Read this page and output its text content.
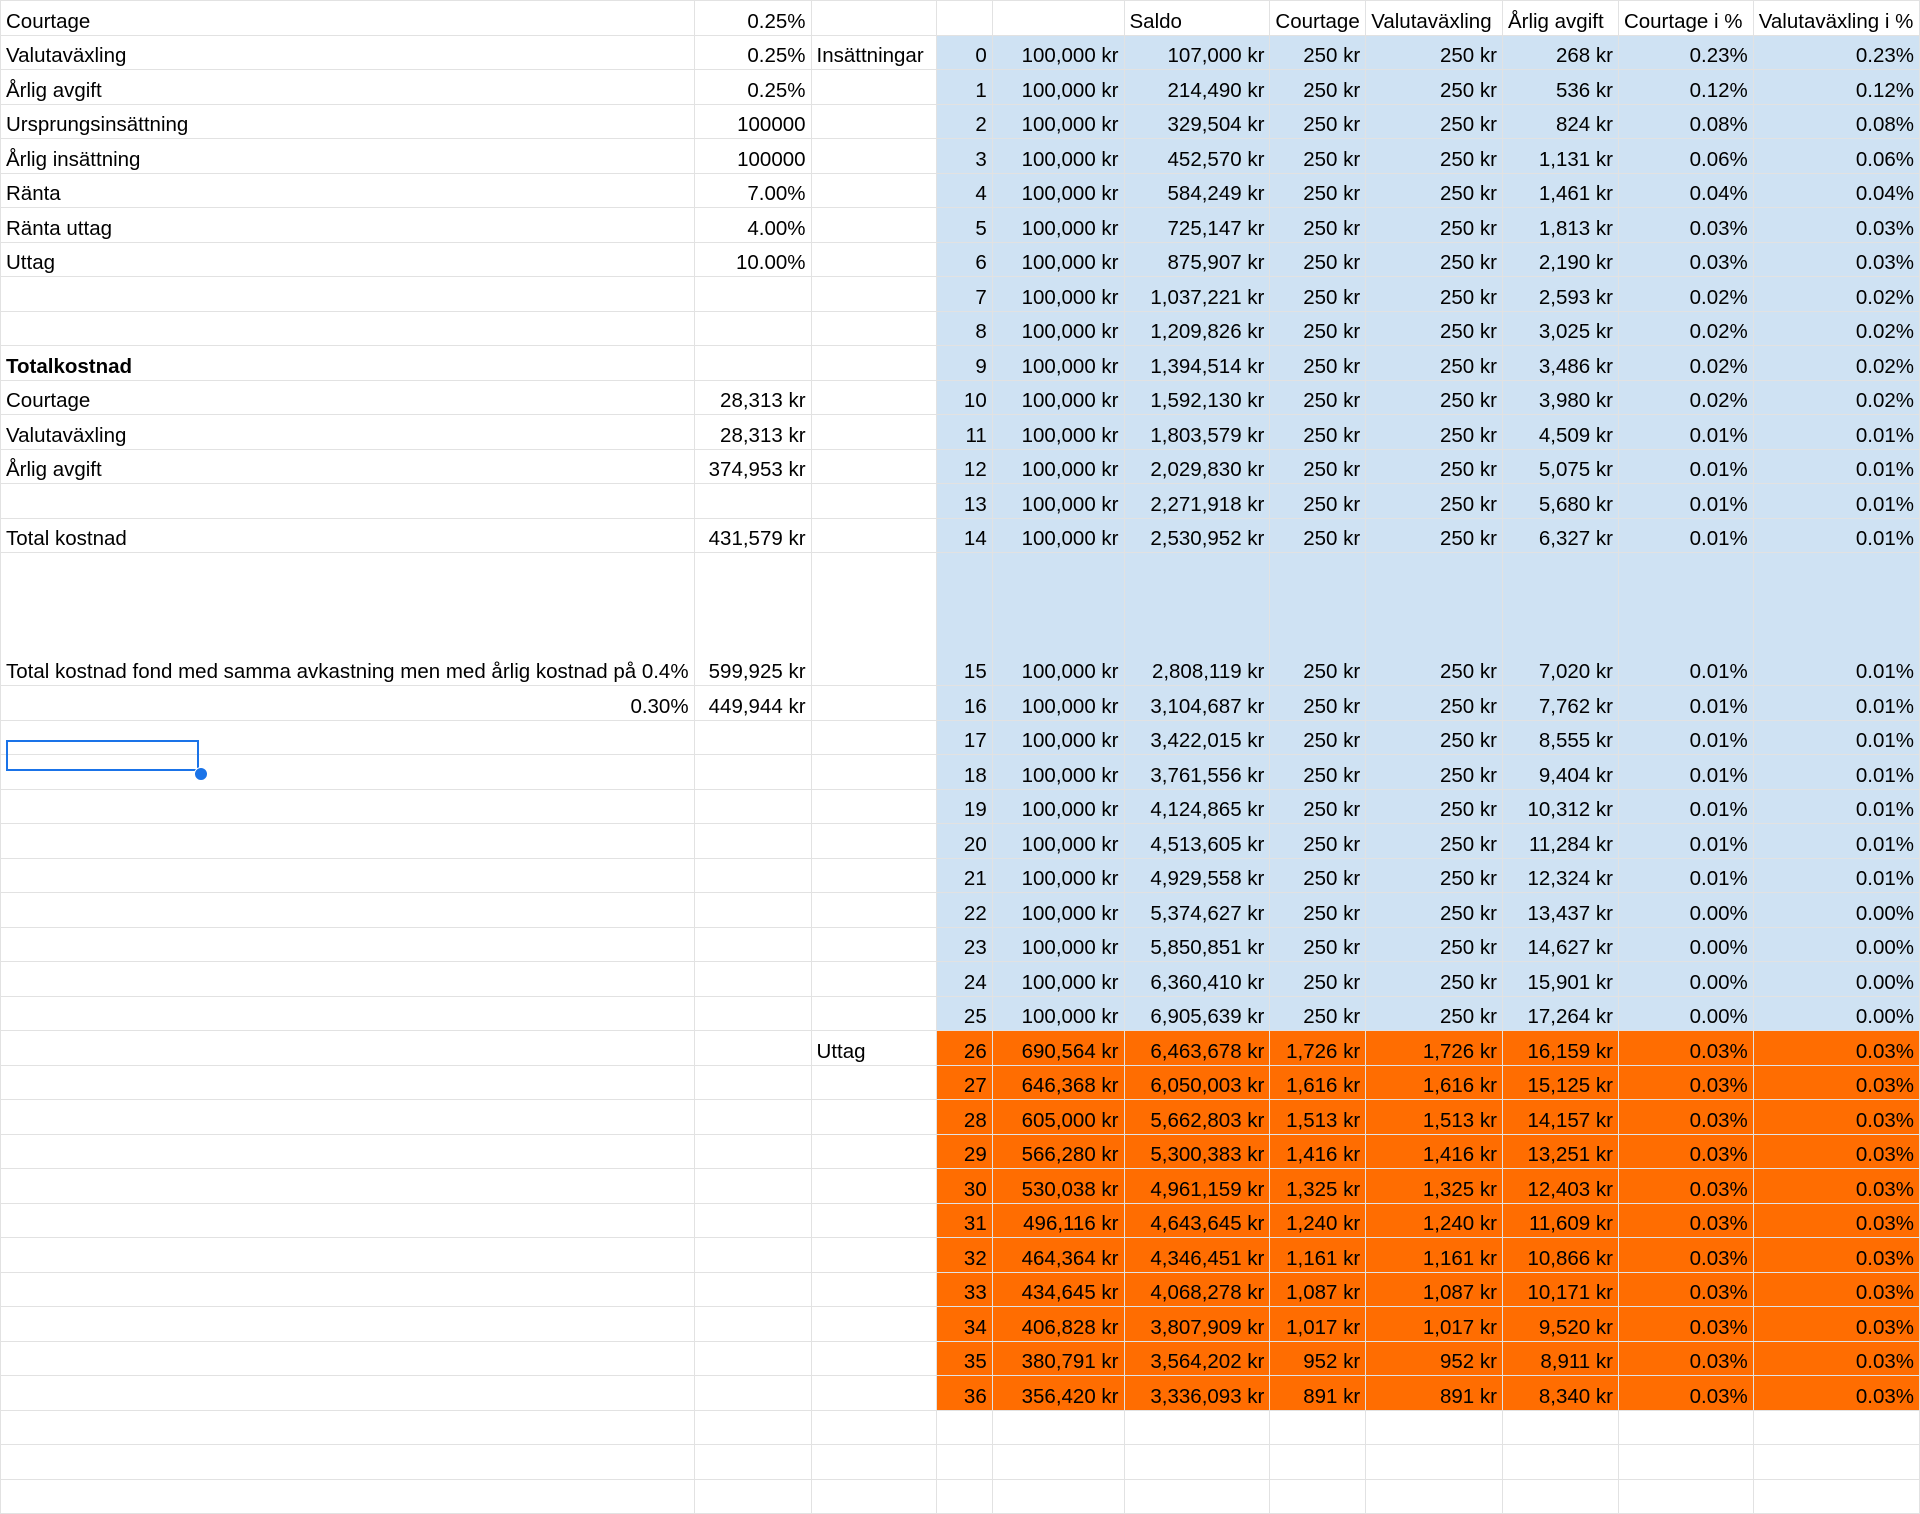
Courtage	0.25%				Saldo	Courtage	Valutaväxling	Årlig avgift	Courtage i %	Valutaväxling i %
Valutaväxling	0.25%	Insättningar	0	100,000 kr	107,000 kr	250 kr	250 kr	268 kr	0.23%	0.23%
Årlig avgift	0.25%		1	100,000 kr	214,490 kr	250 kr	250 kr	536 kr	0.12%	0.12%
Ursprungsinsättning	100000		2	100,000 kr	329,504 kr	250 kr	250 kr	824 kr	0.08%	0.08%
Årlig insättning	100000		3	100,000 kr	452,570 kr	250 kr	250 kr	1,131 kr	0.06%	0.06%
Ränta	7.00%		4	100,000 kr	584,249 kr	250 kr	250 kr	1,461 kr	0.04%	0.04%
Ränta uttag	4.00%		5	100,000 kr	725,147 kr	250 kr	250 kr	1,813 kr	0.03%	0.03%
Uttag	10.00%		6	100,000 kr	875,907 kr	250 kr	250 kr	2,190 kr	0.03%	0.03%
			7	100,000 kr	1,037,221 kr	250 kr	250 kr	2,593 kr	0.02%	0.02%
			8	100,000 kr	1,209,826 kr	250 kr	250 kr	3,025 kr	0.02%	0.02%
Totalkostnad			9	100,000 kr	1,394,514 kr	250 kr	250 kr	3,486 kr	0.02%	0.02%
Courtage	28,313 kr		10	100,000 kr	1,592,130 kr	250 kr	250 kr	3,980 kr	0.02%	0.02%
Valutaväxling	28,313 kr		11	100,000 kr	1,803,579 kr	250 kr	250 kr	4,509 kr	0.01%	0.01%
Årlig avgift	374,953 kr		12	100,000 kr	2,029,830 kr	250 kr	250 kr	5,075 kr	0.01%	0.01%
			13	100,000 kr	2,271,918 kr	250 kr	250 kr	5,680 kr	0.01%	0.01%
Total kostnad	431,579 kr		14	100,000 kr	2,530,952 kr	250 kr	250 kr	6,327 kr	0.01%	0.01%
Total kostnad fond med samma avkastning men med årlig kostnad på 0.4%	599,925 kr		15	100,000 kr	2,808,119 kr	250 kr	250 kr	7,020 kr	0.01%	0.01%
0.30%	449,944 kr		16	100,000 kr	3,104,687 kr	250 kr	250 kr	7,762 kr	0.01%	0.01%
			17	100,000 kr	3,422,015 kr	250 kr	250 kr	8,555 kr	0.01%	0.01%
			18	100,000 kr	3,761,556 kr	250 kr	250 kr	9,404 kr	0.01%	0.01%
			19	100,000 kr	4,124,865 kr	250 kr	250 kr	10,312 kr	0.01%	0.01%
			20	100,000 kr	4,513,605 kr	250 kr	250 kr	11,284 kr	0.01%	0.01%
			21	100,000 kr	4,929,558 kr	250 kr	250 kr	12,324 kr	0.01%	0.01%
			22	100,000 kr	5,374,627 kr	250 kr	250 kr	13,437 kr	0.00%	0.00%
			23	100,000 kr	5,850,851 kr	250 kr	250 kr	14,627 kr	0.00%	0.00%
			24	100,000 kr	6,360,410 kr	250 kr	250 kr	15,901 kr	0.00%	0.00%
			25	100,000 kr	6,905,639 kr	250 kr	250 kr	17,264 kr	0.00%	0.00%
		Uttag	26	690,564 kr	6,463,678 kr	1,726 kr	1,726 kr	16,159 kr	0.03%	0.03%
			27	646,368 kr	6,050,003 kr	1,616 kr	1,616 kr	15,125 kr	0.03%	0.03%
			28	605,000 kr	5,662,803 kr	1,513 kr	1,513 kr	14,157 kr	0.03%	0.03%
			29	566,280 kr	5,300,383 kr	1,416 kr	1,416 kr	13,251 kr	0.03%	0.03%
			30	530,038 kr	4,961,159 kr	1,325 kr	1,325 kr	12,403 kr	0.03%	0.03%
			31	496,116 kr	4,643,645 kr	1,240 kr	1,240 kr	11,609 kr	0.03%	0.03%
			32	464,364 kr	4,346,451 kr	1,161 kr	1,161 kr	10,866 kr	0.03%	0.03%
			33	434,645 kr	4,068,278 kr	1,087 kr	1,087 kr	10,171 kr	0.03%	0.03%
			34	406,828 kr	3,807,909 kr	1,017 kr	1,017 kr	9,520 kr	0.03%	0.03%
			35	380,791 kr	3,564,202 kr	952 kr	952 kr	8,911 kr	0.03%	0.03%
			36	356,420 kr	3,336,093 kr	891 kr	891 kr	8,340 kr	0.03%	0.03%
